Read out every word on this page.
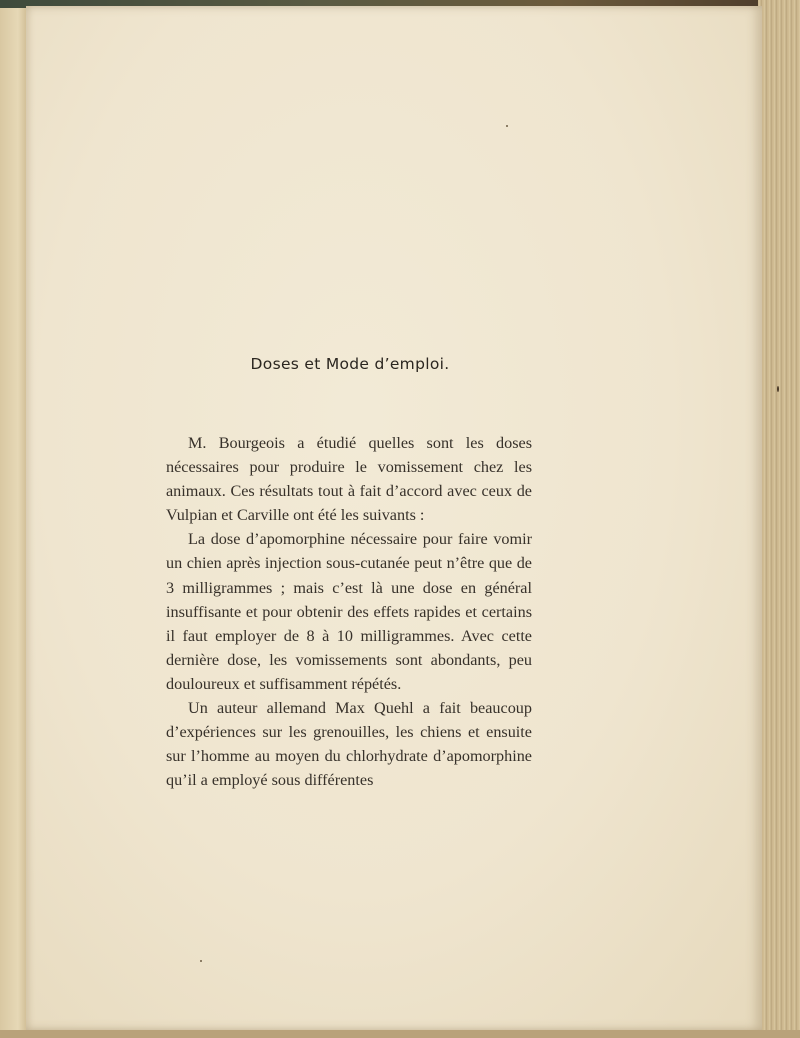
Doses et Mode d’emploi.

M. Bourgeois a étudié quelles sont les doses nécessaires pour produire le vomissement chez les animaux. Ces résultats tout à fait d’accord avec ceux de Vulpian et Carville ont été les suivants :

La dose d’apomorphine nécessaire pour faire vomir un chien après injection sous-cutanée peut n’être que de 3 milligrammes ; mais c’est là une dose en général insuffisante et pour obtenir des effets rapides et certains il faut employer de 8 à 10 milligrammes. Avec cette dernière dose, les vomissements sont abondants, peu douloureux et suffisamment répétés.

Un auteur allemand Max Quehl a fait beaucoup d’expériences sur les grenouilles, les chiens et ensuite sur l’homme au moyen du chlorhydrate d’apomorphine qu’il a employé sous différentes
